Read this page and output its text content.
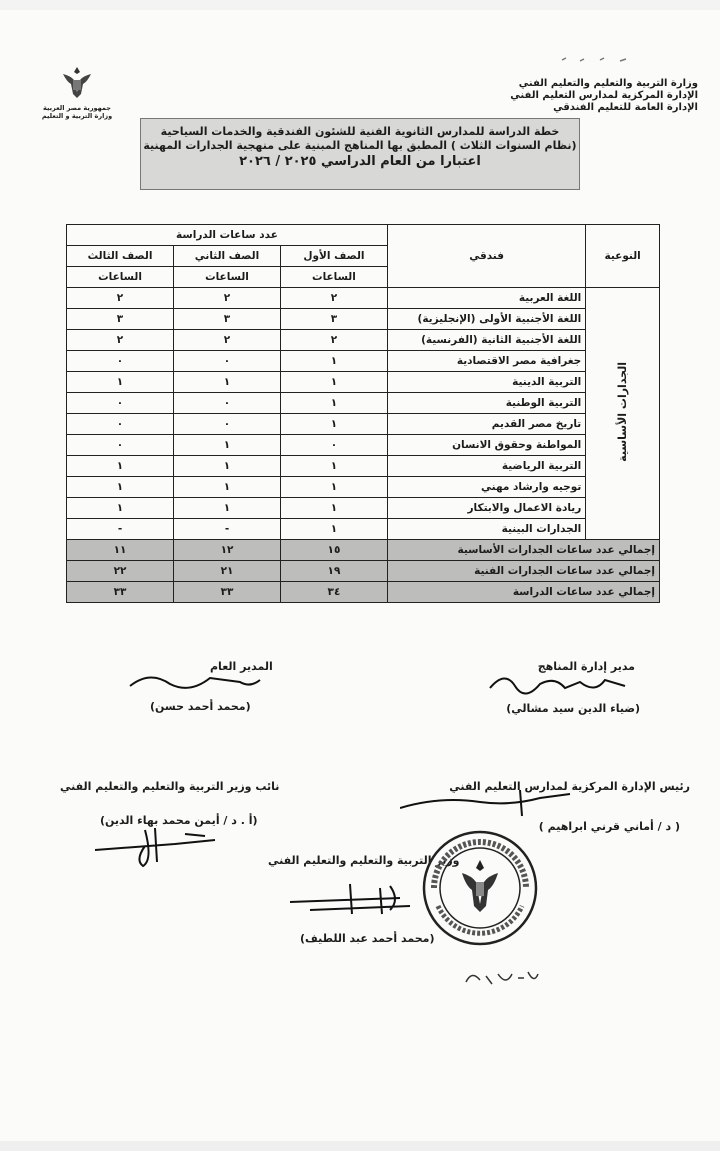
وزارة التربية والتعليم والتعليم الفني
الإدارة المركزية لمدارس التعليم الفني
الإدارة العامة للتعليم الفندقي
جمهورية مصر العربية
وزارة التربية و التعليم
خطة الدراسة للمدارس الثانوية الفنية للشئون الفندقية والخدمات السياحية
(نظام السنوات الثلاث ) المطبق بها المناهج المبنية على منهجية الجدارات المهنية
اعتبارا من العام الدراسي ٢٠٢٥ / ٢٠٢٦
النوعية	فندقي	عدد ساعات الدراسة		
		الصف الأول	الصف الثاني	الصف الثالث
		الساعات	الساعات	الساعات
الجدارات الأساسية	اللغة العربية	٢	٢	٢
	اللغة الأجنبية الأولى (الإنجليزية)	٣	٣	٣
	اللغة الأجنبية الثانية (الفرنسية)	٢	٢	٢
	جغرافية مصر الاقتصادية	١	٠	٠
	التربية الدينية	١	١	١
	التربية الوطنية	١	٠	٠
	تاريخ مصر القديم	١	٠	٠
	المواطنة وحقوق الانسان	٠	١	٠
	التربية الرياضية	١	١	١
	توجيه وارشاد مهني	١	١	١
	ريادة الاعمال والابتكار	١	١	١
	الجدارات البينية	١	-	-
إجمالي عدد ساعات الجدارات الأساسية		١٥	١٢	١١
إجمالي عدد ساعات الجدارات الفنية		١٩	٢١	٢٢
إجمالي عدد ساعات الدراسة		٣٤	٣٣	٣٣
مدير إدارة المناهج
(ضياء الدين سيد مشالي)
المدير العام
(محمد أحمد حسن)
رئيس الإدارة المركزية لمدارس التعليم الفني
( د / أماني قرني ابراهيم )
نائب وزير التربية والتعليم والتعليم الفني
(أ . د / أيمن محمد بهاء الدين)
وزير التربية والتعليم والتعليم الفني
(محمد أحمد عبد اللطيف)
